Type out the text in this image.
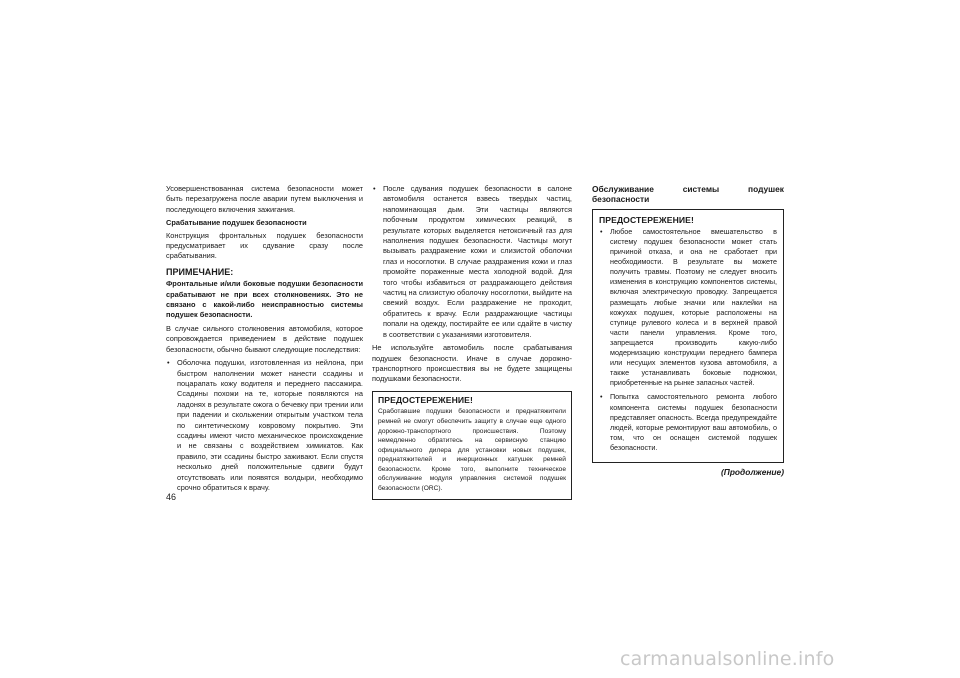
Усовершенствованная система безопасности может быть перезагружена после аварии путем выключения и последующего включения зажигания.

Срабатывание подушек безопасности

Конструкция фронтальных подушек безопасности предусматривает их сдувание сразу после срабатывания.

ПРИМЕЧАНИЕ:

Фронтальные и/или боковые подушки безопасности срабатывают не при всех столкновениях. Это не связано с какой-либо неисправностью системы подушек безопасности.

В случае сильного столкновения автомобиля, которое сопровождается приведением в действие подушек безопасности, обычно бывают следующие последствия:

• Оболочка подушки, изготовленная из нейлона, при быстром наполнении может нанести ссадины и поцарапать кожу водителя и переднего пассажира. Ссадины похожи на те, которые появляются на ладонях в результате ожога о бечевку при трении или при падении и скольжении открытым участком тела по синтетическому ковровому покрытию. Эти ссадины имеют чисто механическое происхождение и не связаны с воздействием химикатов. Как правило, эти ссадины быстро заживают. Если спустя несколько дней положительные сдвиги будут отсутствовать или появятся волдыри, необходимо срочно обратиться к врачу.
• После сдувания подушек безопасности в салоне автомобиля останется взвесь твердых частиц, напоминающая дым. Эти частицы являются побочным продуктом химических реакций, в результате которых выделяется нетоксичный газ для наполнения подушек безопасности. Частицы могут вызывать раздражение кожи и слизистой оболочки глаз и носоглотки. В случае раздражения кожи и глаз промойте пораженные места холодной водой. Для того чтобы избавиться от раздражающего действия частиц на слизистую оболочку носоглотки, выйдите на свежий воздух. Если раздражение не проходит, обратитесь к врачу. Если раздражающие частицы попали на одежду, постирайте ее или сдайте в чистку в соответствии с указаниями изготовителя.

Не используйте автомобиль после срабатывания подушек безопасности. Иначе в случае дорожно-транспортного происшествия вы не будете защищены подушками безопасности.

ПРЕДОСТЕРЕЖЕНИЕ!
Сработавшие подушки безопасности и преднатяжители ремней не смогут обеспечить защиту в случае еще одного дорожно-транспортного происшествия. Поэтому немедленно обратитесь на сервисную станцию официального дилера для установки новых подушек, преднатяжителей и инерционных катушек ремней безопасности. Кроме того, выполните техническое обслуживание модуля управления системой подушек безопасности (ORC).
Обслуживание системы подушек безопасности
ПРЕДОСТЕРЕЖЕНИЕ!
• Любое самостоятельное вмешательство в систему подушек безопасности может стать причиной отказа, и она не сработает при необходимости. В результате вы можете получить травмы. Поэтому не следует вносить изменения в конструкцию компонентов системы, включая электрическую проводку. Запрещается размещать любые значки или наклейки на кожухах подушек, которые расположены на ступице рулевого колеса и в верхней правой части панели управления. Кроме того, запрещается производить какую-либо модернизацию конструкции переднего бампера или несущих элементов кузова автомобиля, а также устанавливать боковые подножки, приобретенные на рынке запасных частей.
• Попытка самостоятельного ремонта любого компонента системы подушек безопасности представляет опасность. Всегда предупреждайте людей, которые ремонтируют ваш автомобиль, о том, что он оснащен системой подушек безопасности.
(Продолжение)
46
carmanualsonline.info
